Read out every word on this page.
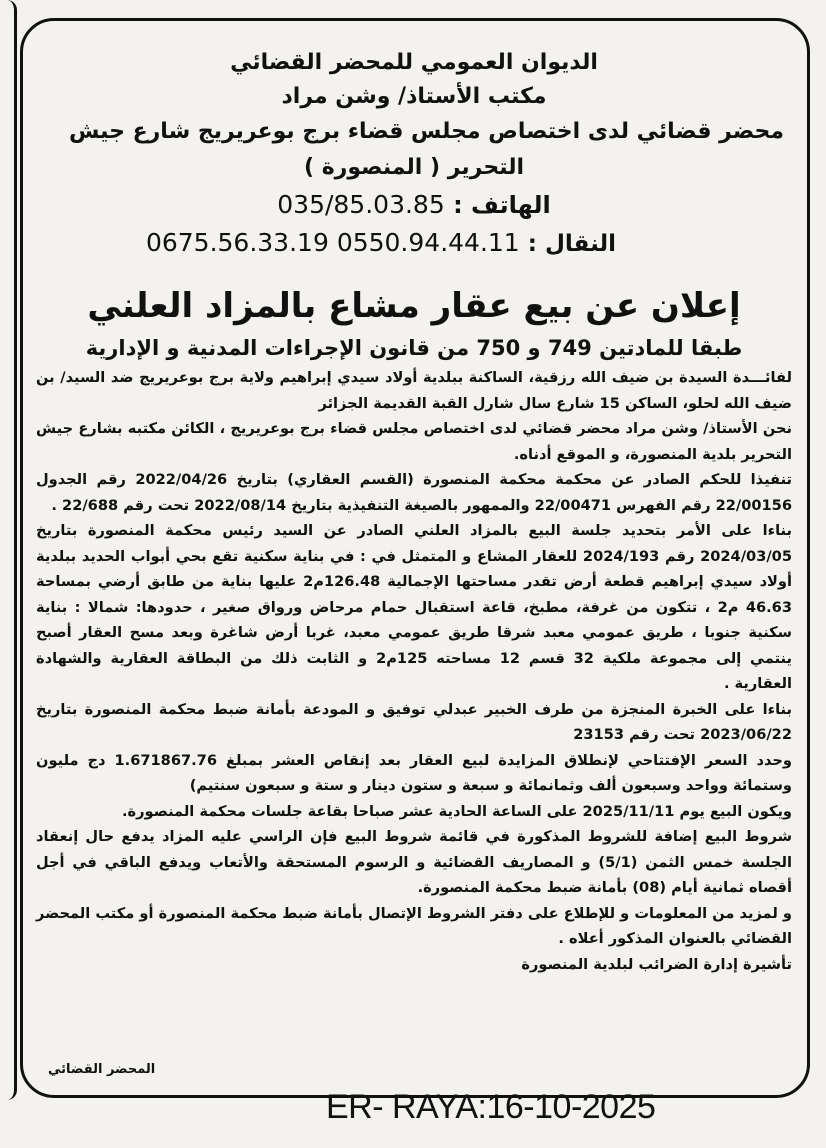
الديوان العمومي للمحضر القضائي

مكتب الأستاذ/ وشن مراد

محضر قضائي لدى اختصاص مجلس قضاء برج بوعريريج شارع جيش

التحرير ( المنصورة )

الهاتف : 035/85.03.85

النقال : 0550.94.44.11 0675.56.33.19

إعلان عن بيع عقار مشاع بالمزاد العلني

طبقا للمادتين 749 و 750 من قانون الإجراءات المدنية و الإدارية

لفائـــدة السيدة بن ضيف الله رزقية، الساكنة ببلدية أولاد سيدي إبراهيم ولاية برج بوعريريج ضد السيد/ بن ضيف الله لحلو، الساكن 15 شارع سال شارل القبة القديمة الجزائر

نحن الأستاذ/ وشن مراد محضر قضائي لدى اختصاص مجلس قضاء برج بوعريريج ، الكائن مكتبه بشارع جيش التحرير بلدية المنصورة، و الموقع أدناه.

تنفيذا للحكم الصادر عن محكمة محكمة المنصورة (القسم العقاري) بتاريخ 2022/04/26 رقم الجدول 22/00156 رقم الفهرس 22/00471 والممهور بالصيغة التنفيذية بتاريخ 2022/08/14 تحت رقم 22/688 .

بناءا على الأمر بتحديد جلسة البيع بالمزاد العلني الصادر عن السيد رئيس محكمة المنصورة بتاريخ 2024/03/05 رقم 2024/193 للعقار المشاع و المتمثل في : في بناية سكنية تقع بحي أبواب الحديد ببلدية أولاد سيدي إبراهيم قطعة أرض تقدر مساحتها الإجمالية 126.48م2 عليها بناية من طابق أرضي بمساحة 46.63 م2 ، تتكون من غرفة، مطبخ، قاعة استقبال حمام مرحاض ورواق صغير ، حدودها: شمالا : بناية سكنية جنوبا ، طريق عمومي معبد شرقا طريق عمومي معبد، غربا أرض شاغرة وبعد مسح العقار أصبح ينتمي إلى مجموعة ملكية 32 قسم 12 مساحته 125م2 و الثابت ذلك من البطاقة العقارية والشهادة العقارية .

بناءا على الخبرة المنجزة من طرف الخبير عبدلي توفيق و المودعة بأمانة ضبط محكمة المنصورة بتاريخ 2023/06/22 تحت رقم 23153

وحدد السعر الإفتتاحي لإنطلاق المزايدة لبيع العقار بعد إنقاص العشر بمبلغ 1.671867.76 دج مليون وستمائة وواحد وسبعون ألف وثمانمائة و سبعة و ستون دينار و ستة و سبعون سنتيم)

ويكون البيع يوم 2025/11/11 على الساعة الحادية عشر صباحا بقاعة جلسات محكمة المنصورة.

شروط البيع إضافة للشروط المذكورة في قائمة شروط البيع فإن الراسي عليه المزاد يدفع حال إنعقاد الجلسة خمس الثمن (5/1) و المصاريف القضائية و الرسوم المستحقة والأتعاب ويدفع الباقي في أجل أقصاه ثمانية أيام (08) بأمانة ضبط محكمة المنصورة.

و لمزيد من المعلومات و للإطلاع على دفتر الشروط الإتصال بأمانة ضبط محكمة المنصورة أو مكتب المحضر القضائي بالعنوان المذكور أعلاه .

تأشيرة إدارة الضرائب لبلدية المنصورة

المحضر القضائي
ER- RAYA:16-10-2025
